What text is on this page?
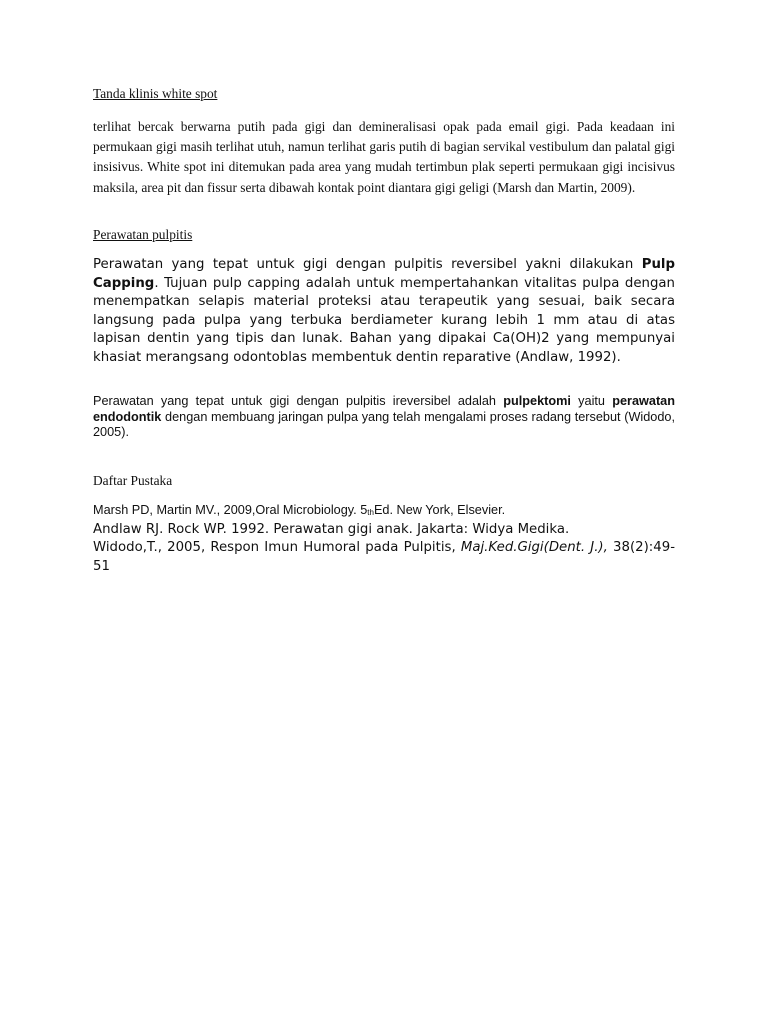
Tanda klinis white spot

terlihat bercak berwarna putih pada gigi dan demineralisasi opak pada email gigi. Pada keadaan ini permukaan gigi masih terlihat utuh, namun terlihat garis putih di bagian servikal vestibulum dan palatal gigi insisivus. White spot ini ditemukan pada area yang mudah tertimbun plak seperti permukaan gigi incisivus maksila, area pit dan fissur serta dibawah kontak point diantara gigi geligi (Marsh dan Martin, 2009).

Perawatan pulpitis

Perawatan yang tepat untuk gigi dengan pulpitis reversibel yakni dilakukan Pulp Capping. Tujuan pulp capping adalah untuk mempertahankan vitalitas pulpa dengan menempatkan selapis material proteksi atau terapeutik yang sesuai, baik secara langsung pada pulpa yang terbuka berdiameter kurang lebih 1 mm atau di atas lapisan dentin yang tipis dan lunak. Bahan yang dipakai Ca(OH)2 yang mempunyai khasiat merangsang odontoblas membentuk dentin reparative (Andlaw, 1992).

Perawatan yang tepat untuk gigi dengan pulpitis ireversibel adalah pulpektomi yaitu perawatan endodontik dengan membuang jaringan pulpa yang telah mengalami proses radang tersebut (Widodo, 2005).

Daftar Pustaka
Marsh PD, Martin MV., 2009,Oral Microbiology. 5thEd. New York, Elsevier.
Andlaw RJ. Rock WP. 1992. Perawatan gigi anak. Jakarta: Widya Medika.

Widodo,T., 2005, Respon Imun Humoral pada Pulpitis, Maj.Ked.Gigi(Dent. J.), 38(2):49-51
